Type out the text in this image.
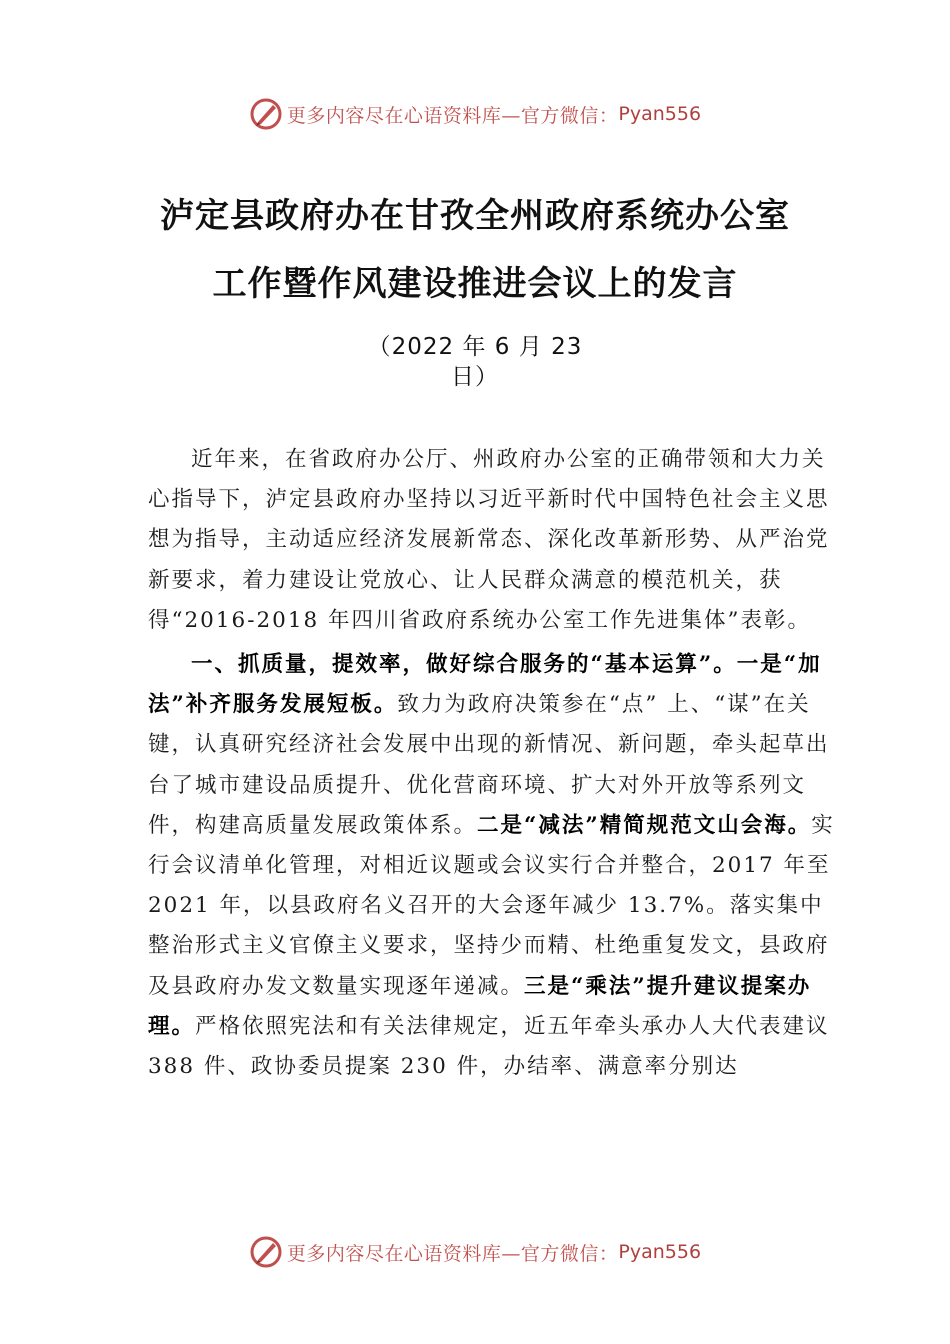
更多内容尽在心语资料库—官方微信： Pyan556
泸定县政府办在甘孜全州政府系统办公室
工作暨作风建设推进会议上的发言
（2022 年 6 月 23
日）

近年来，在省政府办公厅、州政府办公室的正确带领和大力关心指导下，泸定县政府办坚持以习近平新时代中国特色社会主义思想为指导，主动适应经济发展新常态、深化改革新形势、从严治党新要求，着力建设让党放心、让人民群众满意的模范机关，获得“2016-2018 年四川省政府系统办公室工作先进集体”表彰。

一、抓质量，提效率，做好综合服务的“基本运算”。一是“加法”补齐服务发展短板。致力为政府决策参在“点” 上、“谋”在关键，认真研究经济社会发展中出现的新情况、新问题，牵头起草出台了城市建设品质提升、优化营商环境、扩大对外开放等系列文件，构建高质量发展政策体系。二是“减法”精简规范文山会海。实行会议清单化管理，对相近议题或会议实行合并整合，2017 年至 2021 年，以县政府名义召开的大会逐年减少 13.7%。落实集中整治形式主义官僚主义要求，坚持少而精、杜绝重复发文，县政府及县政府办发文数量实现逐年递减。三是“乘法”提升建议提案办理。严格依照宪法和有关法律规定，近五年牵头承办人大代表建议 388 件、政协委员提案 230 件，办结率、满意率分别达

更多内容尽在心语资料库—官方微信： Pyan556
